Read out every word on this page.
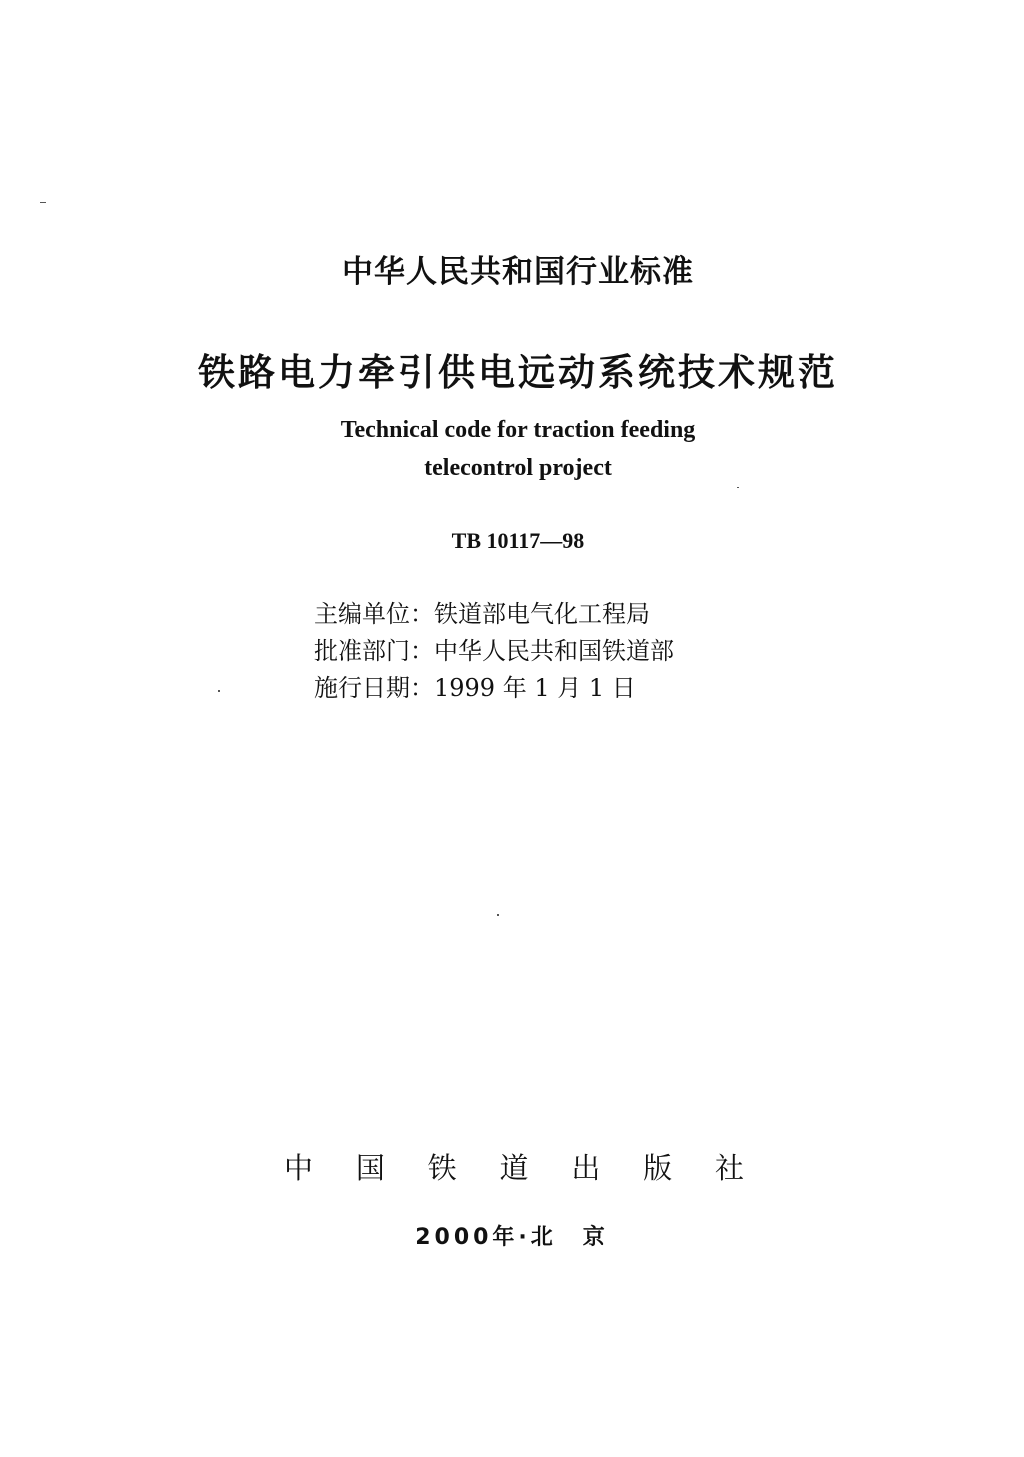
中华人民共和国行业标准
铁路电力牵引供电远动系统技术规范
Technical code for traction feeding
telecontrol project
TB 10117—98
主编单位：铁道部电气化工程局
批准部门：中华人民共和国铁道部
施行日期：1999 年 1 月 1 日
中 国 铁 道 出 版 社
2000年·北　京
